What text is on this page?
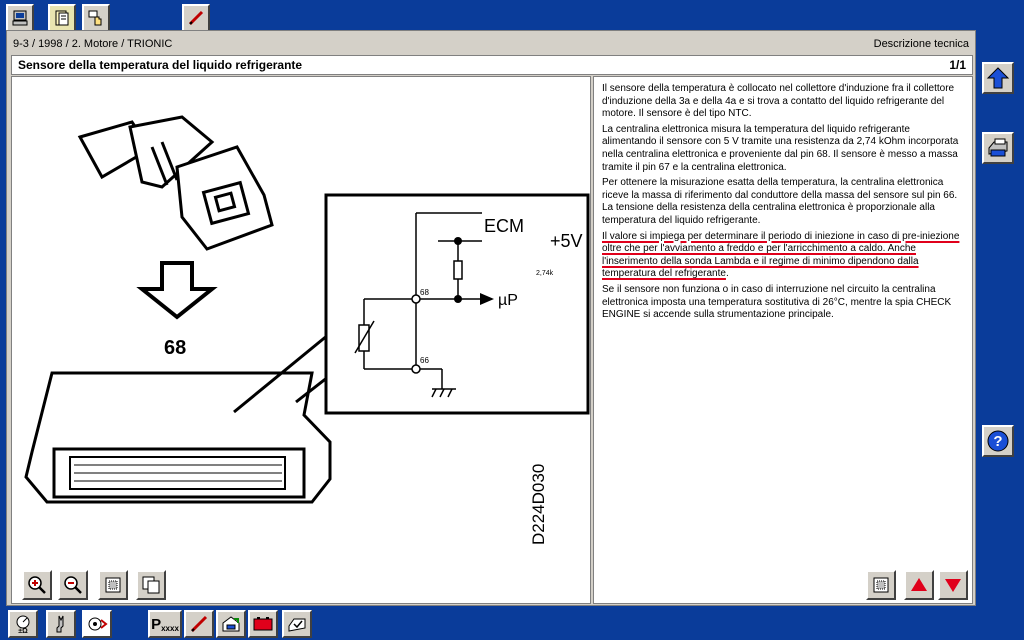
9-3 / 1998 / 2. Motore / TRIONIC	Descrizione tecnica
Sensore della temperatura del liquido refrigerante	1/1
68
ECM
+5V
2,74k
µP
68
66
D224D030

Il sensore della temperatura è collocato nel collettore d'induzione fra il collettore d'induzione della 3a e della 4a e si trova a contatto del liquido refrigerante del motore. Il sensore è del tipo NTC.

La centralina elettronica misura la temperatura del liquido refrigerante alimentando il sensore con 5 V tramite una resistenza da 2,74 kOhm incorporata nella centralina elettronica e proveniente dal pin 68. Il sensore è messo a massa tramite il pin 67 e la centralina elettronica.

Per ottenere la misurazione esatta della temperatura, la centralina elettronica riceve la massa di riferimento dal conduttore della massa del sensore sul pin 66. La tensione della resistenza della centralina elettronica è proporzionale alla temperatura del liquido refrigerante.

Il valore si impiega per determinare il periodo di iniezione in caso di pre-iniezione oltre che per l'avviamento a freddo e per l'arricchimento a caldo. Anche l'inserimento della sonda Lambda e il regime di minimo dipendono dalla temperatura del refrigerante.

Se il sensore non funziona o in caso di interruzione nel circuito la centralina elettronica imposta una temperatura sostitutiva di 26°C, mentre la spia CHECK ENGINE si accende sulla strumentazione principale.

?
±Ω	P xxxx
